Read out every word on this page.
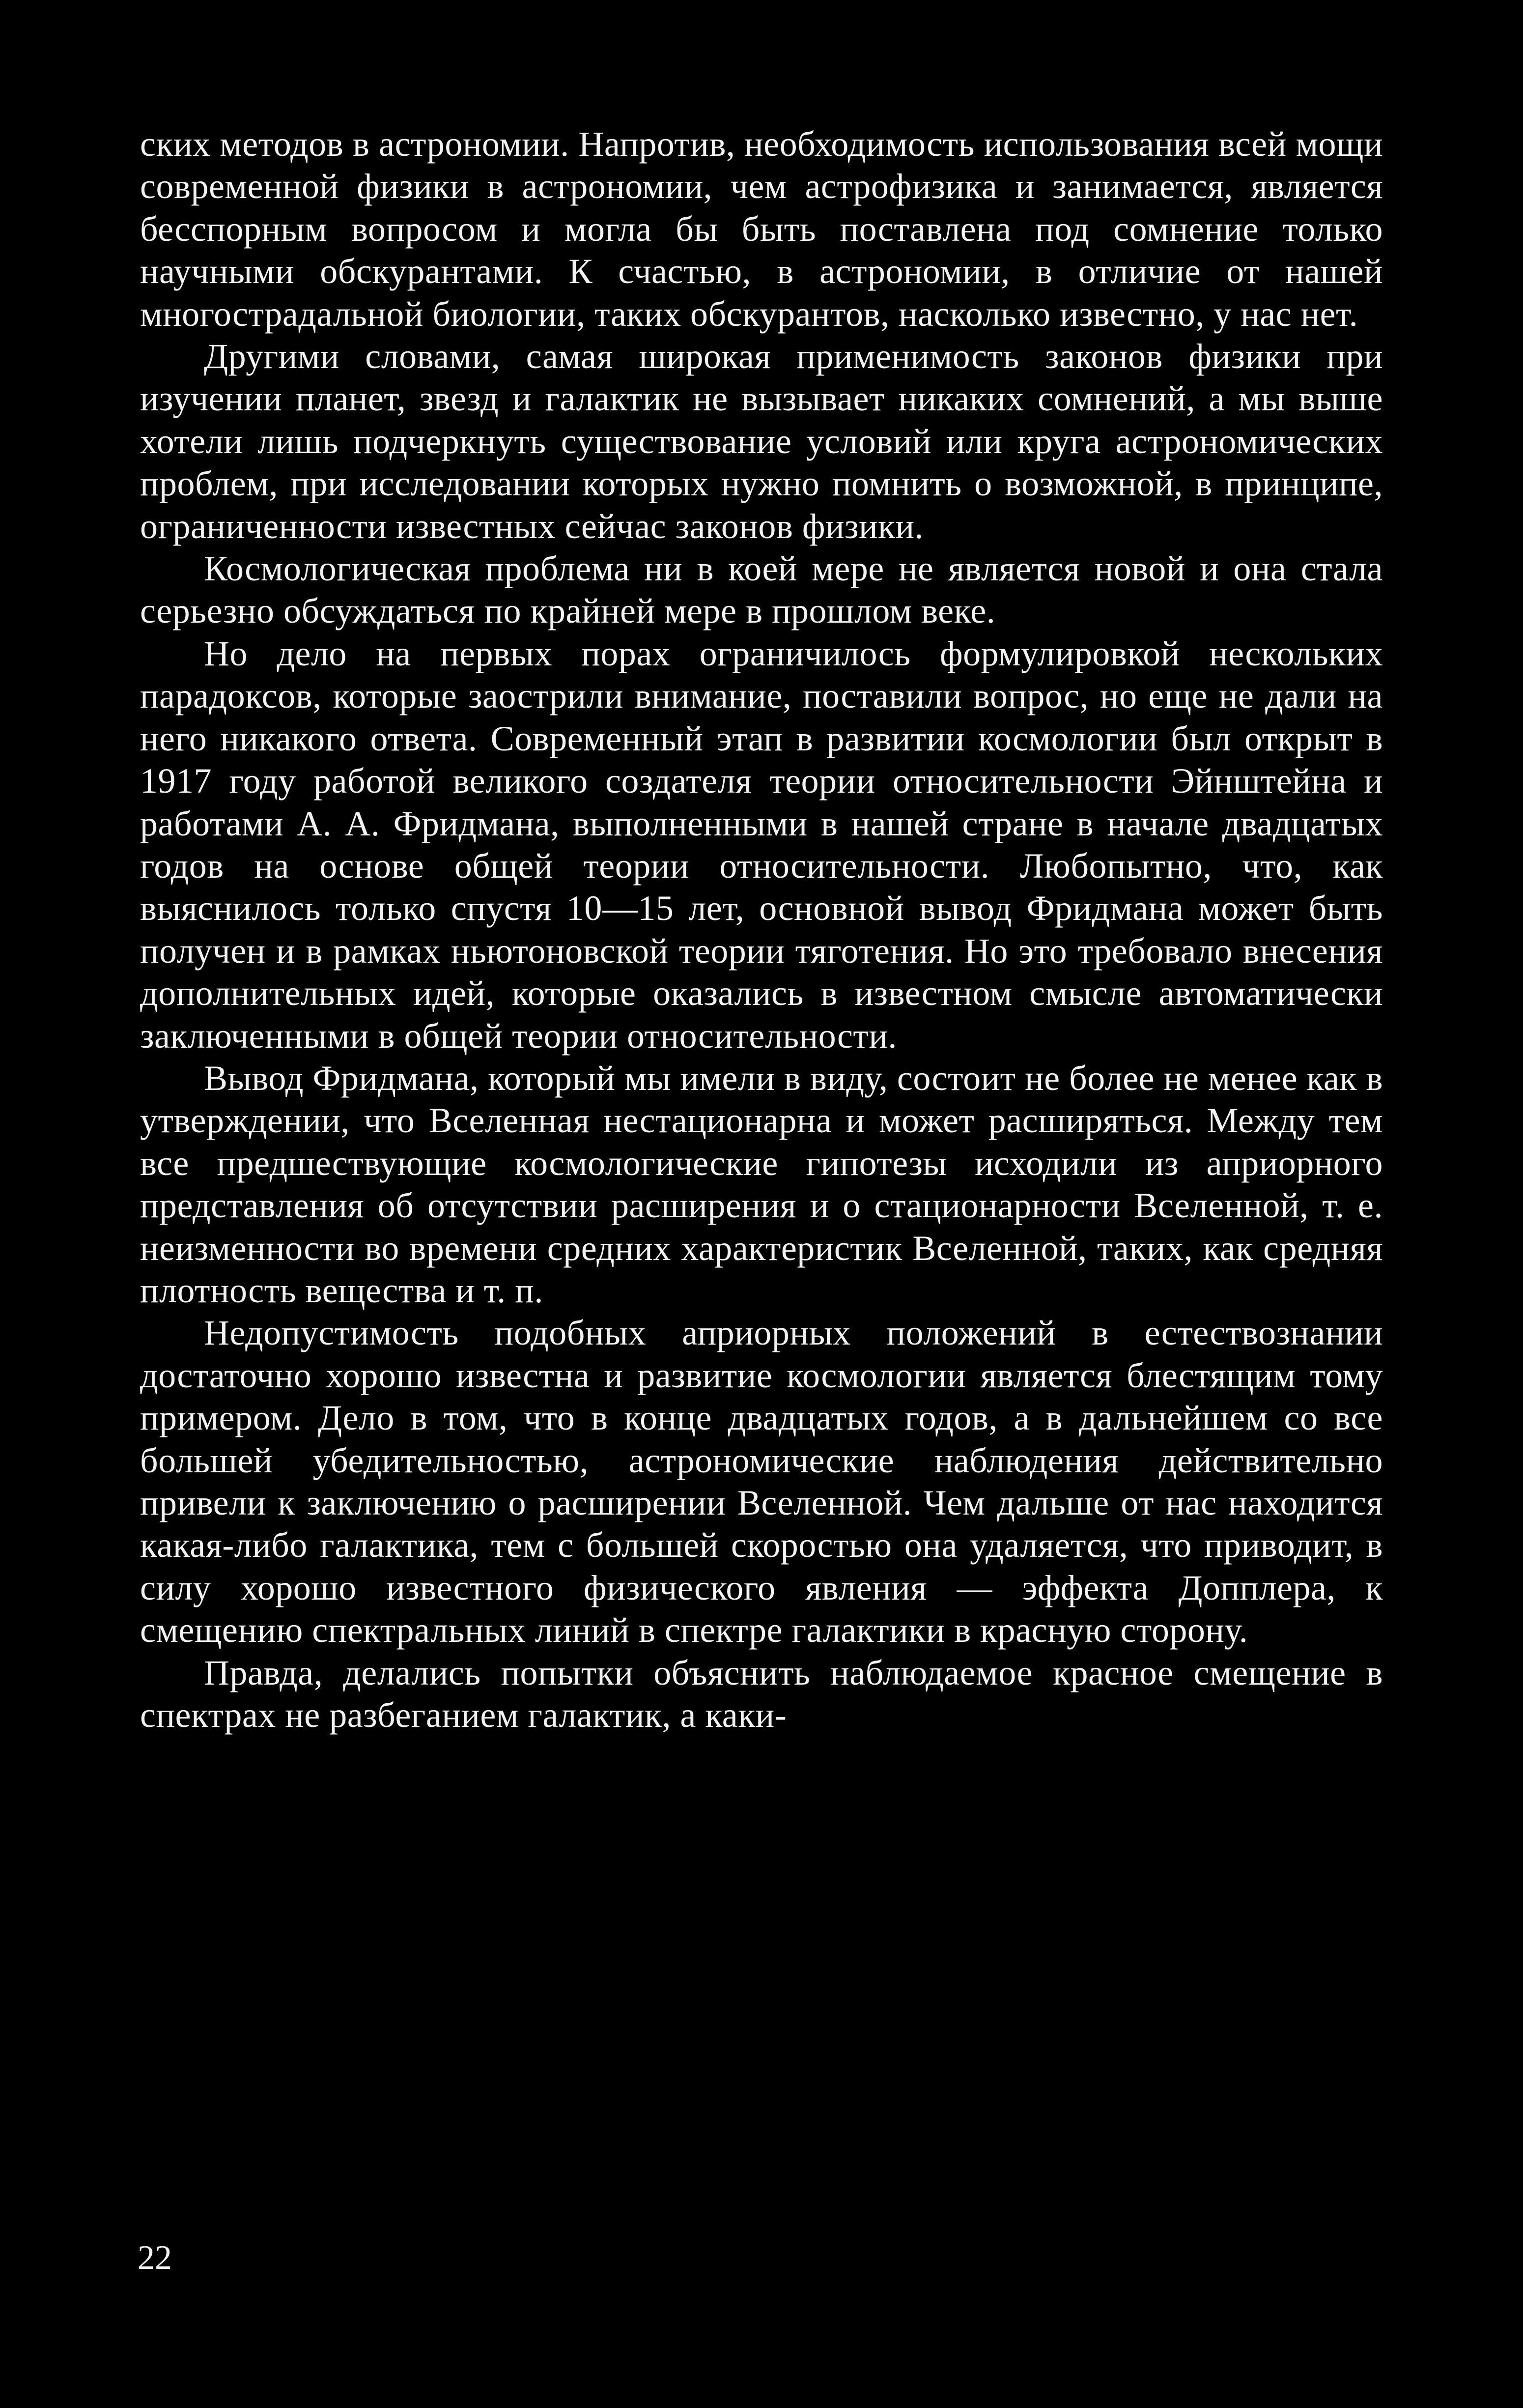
ских методов в астрономии. Напротив, необходимость использования всей мощи современной физики в астрономии, чем астрофизика и занимается, является бесспорным вопросом и могла бы быть поставлена под сомнение только научными обскурантами. К счастью, в астрономии, в отличие от нашей многострадальной биологии, таких обскурантов, насколько известно, у нас нет.

Другими словами, самая широкая применимость законов физики при изучении планет, звезд и галактик не вызывает никаких сомнений, а мы выше хотели лишь подчеркнуть существование условий или круга астрономических проблем, при исследовании которых нужно помнить о возможной, в принципе, ограниченности известных сейчас законов физики.

Космологическая проблема ни в коей мере не является новой и она стала серьезно обсуждаться по крайней мере в прошлом веке.

Но дело на первых порах ограничилось формулировкой нескольких парадоксов, которые заострили внимание, поставили вопрос, но еще не дали на него никакого ответа. Современный этап в развитии космологии был открыт в 1917 году работой великого создателя теории относительности Эйнштейна и работами А. А. Фридмана, выполненными в нашей стране в начале двадцатых годов на основе общей теории относительности. Любопытно, что, как выяснилось только спустя 10—15 лет, основной вывод Фридмана может быть получен и в рамках ньютоновской теории тяготения. Но это требовало внесения дополнительных идей, которые оказались в известном смысле автоматически заключенными в общей теории относительности.

Вывод Фридмана, который мы имели в виду, состоит не более не менее как в утверждении, что Вселенная нестационарна и может расширяться. Между тем все предшествующие космологические гипотезы исходили из априорного представления об отсутствии расширения и о стационарности Вселенной, т. е. неизменности во времени средних характеристик Вселенной, таких, как средняя плотность вещества и т. п.

Недопустимость подобных априорных положений в естествознании достаточно хорошо известна и развитие космологии является блестящим тому примером. Дело в том, что в конце двадцатых годов, а в дальнейшем со все большей убедительностью, астрономические наблюдения действительно привели к заключению о расширении Вселенной. Чем дальше от нас находится какая-либо галактика, тем с большей скоростью она удаляется, что приводит, в силу хорошо известного физического явления — эффекта Допплера, к смещению спектральных линий в спектре галактики в красную сторону.

Правда, делались попытки объяснить наблюдаемое красное смещение в спектрах не разбеганием галактик, а каки-

22
